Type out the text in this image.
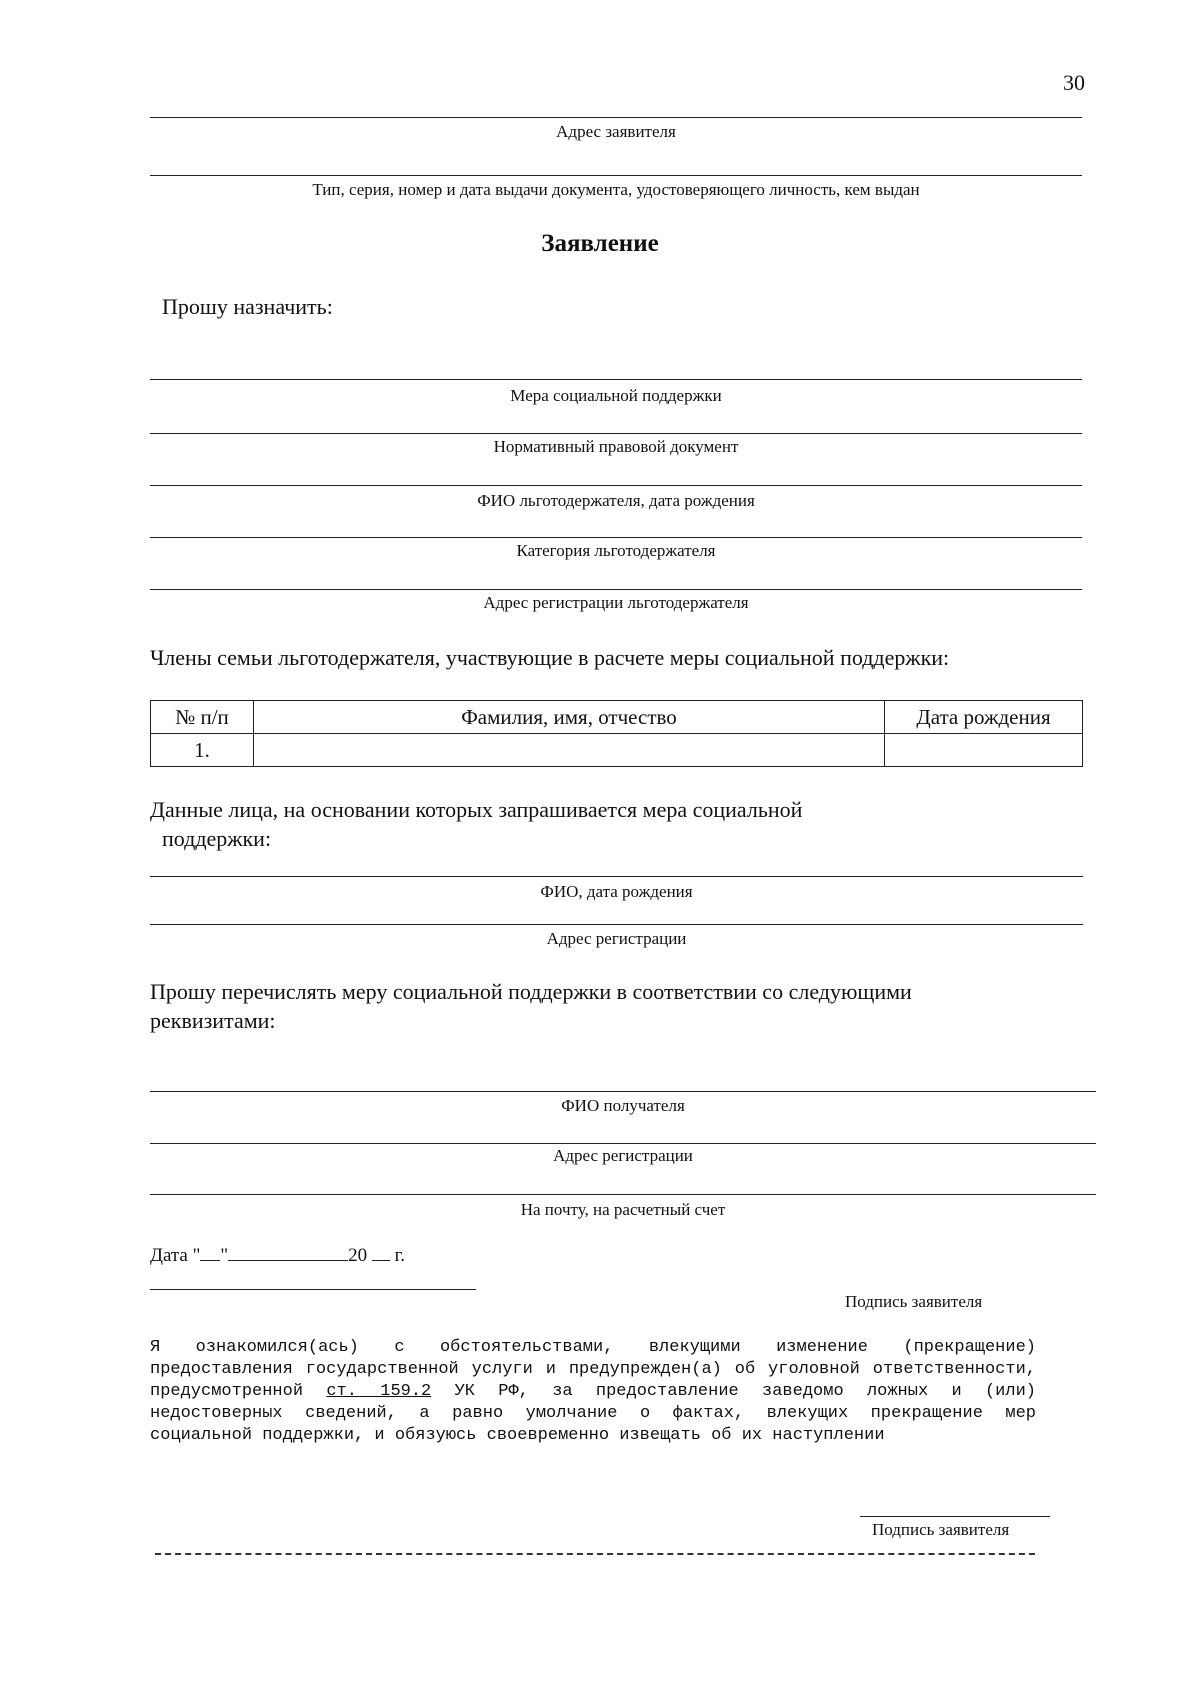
30
Адрес заявителя
Тип, серия, номер и дата выдачи документа, удостоверяющего личность, кем выдан
Заявление
Прошу назначить:
Мера социальной поддержки
Нормативный правовой документ
ФИО льготодержателя, дата рождения
Категория льготодержателя
Адрес регистрации льготодержателя
Члены семьи льготодержателя, участвующие в расчете меры социальной поддержки:
№ п/п	Фамилия, имя, отчество	Дата рождения
1.		
Данные лица, на основании которых запрашивается мера социальной
поддержки:
ФИО, дата рождения
Адрес регистрации
Прошу перечислять меру социальной поддержки в соответствии со следующими
реквизитами:
ФИО получателя
Адрес регистрации
На почту, на расчетный счет
Дата " "	20 г.
Подпись заявителя
Я ознакомился(ась) с обстоятельствами, влекущими изменение (прекращение) предоставления государственной услуги и предупрежден(а) об уголовной ответственности, предусмотренной ст. 159.2 УК РФ, за предоставление заведомо ложных и (или) недостоверных сведений, а равно умолчание о фактах, влекущих прекращение мер социальной поддержки, и обязуюсь своевременно извещать об их наступлении
Подпись заявителя
